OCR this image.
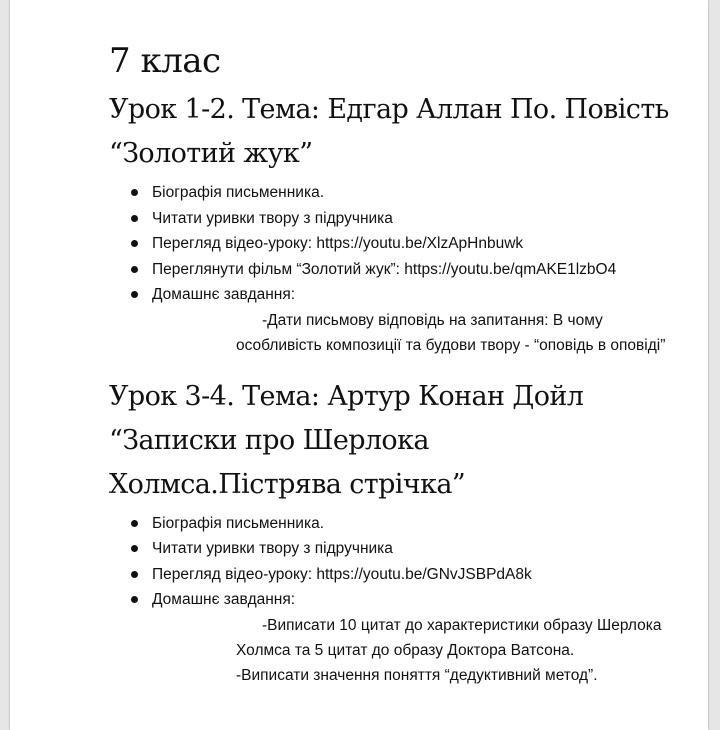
7 клас
Урок 1-2. Тема: Едгар Аллан По. Повість
“Золотий жук”
Біографія письменника.
Читати уривки твору з підручника
Перегляд відео-уроку: https://youtu.be/XlzApHnbuwk
Переглянути фільм “Золотий жук”: https://youtu.be/qmAKE1lzbO4
Домашнє завдання:

-Дати письмову відповідь на запитання: В чому особливість композиції та будови твору - “оповідь в оповіді”

Урок 3-4. Тема: Артур Конан Дойл
“Записки про Шерлока
Холмса.Пістрява стрічка”
Біографія письменника.
Читати уривки твору з підручника
Перегляд відео-уроку: https://youtu.be/GNvJSBPdA8k
Домашнє завдання:

-Виписати 10 цитат до характеристики образу Шерлока Холмса та 5 цитат до образу Доктора Ватсона.

-Виписати значення поняття “дедуктивний метод”.
